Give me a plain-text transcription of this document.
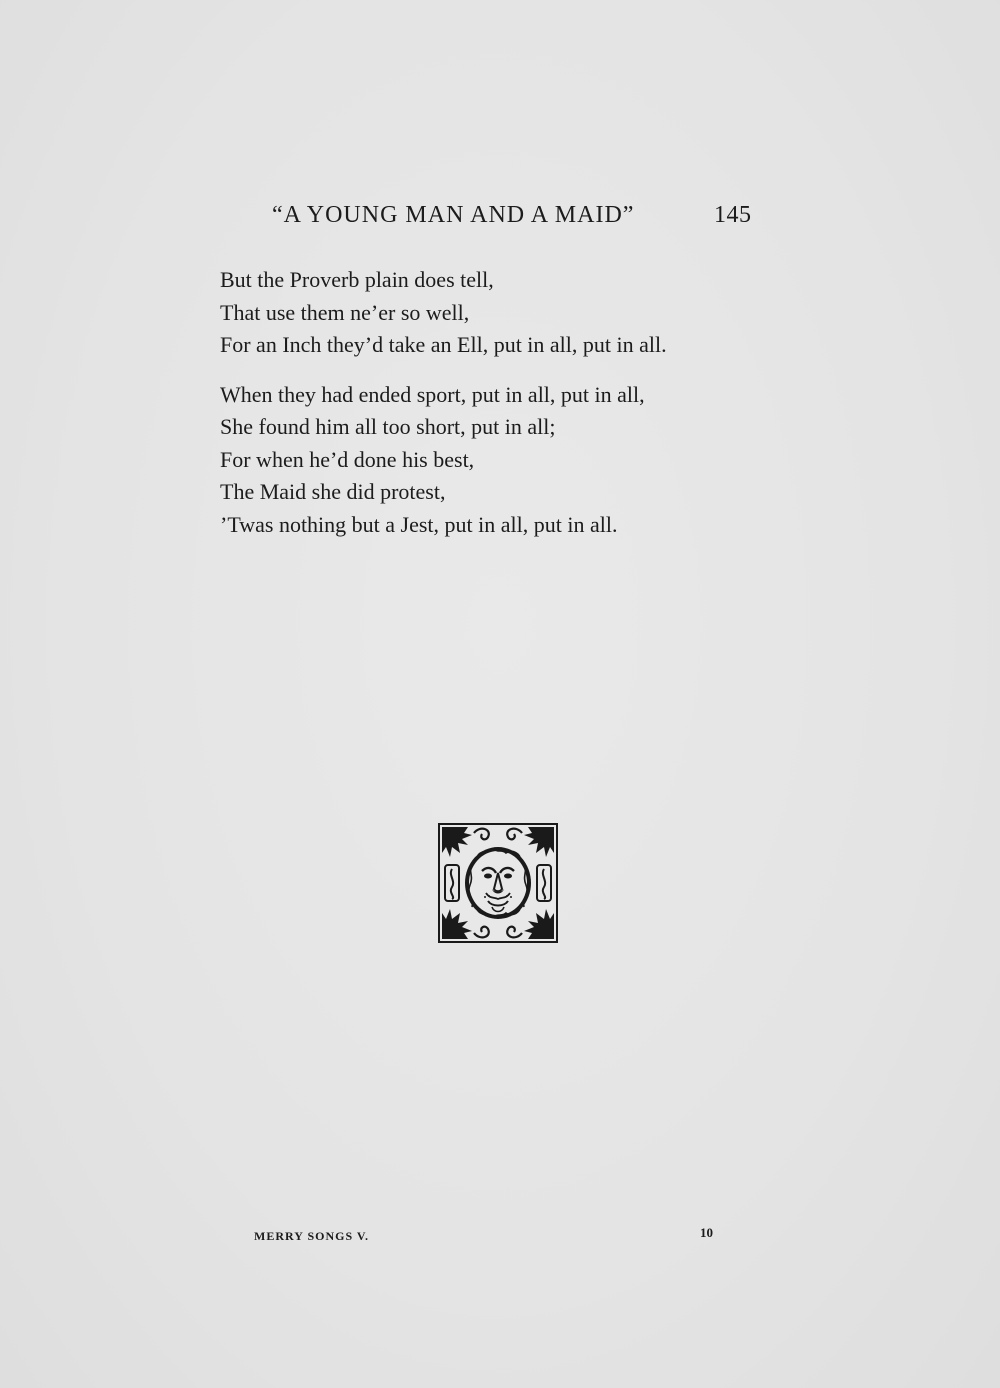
“A YOUNG MAN AND A MAID”	145
But the Proverb plain does tell,
That use them ne’er so well,
For an Inch they’d take an Ell, put in all, put in all.
When they had ended sport, put in all, put in all,
She found him all too short, put in all;
For when he’d done his best,
The Maid she did protest,
’Twas nothing but a Jest, put in all, put in all.
MERRY SONGS V.	10
